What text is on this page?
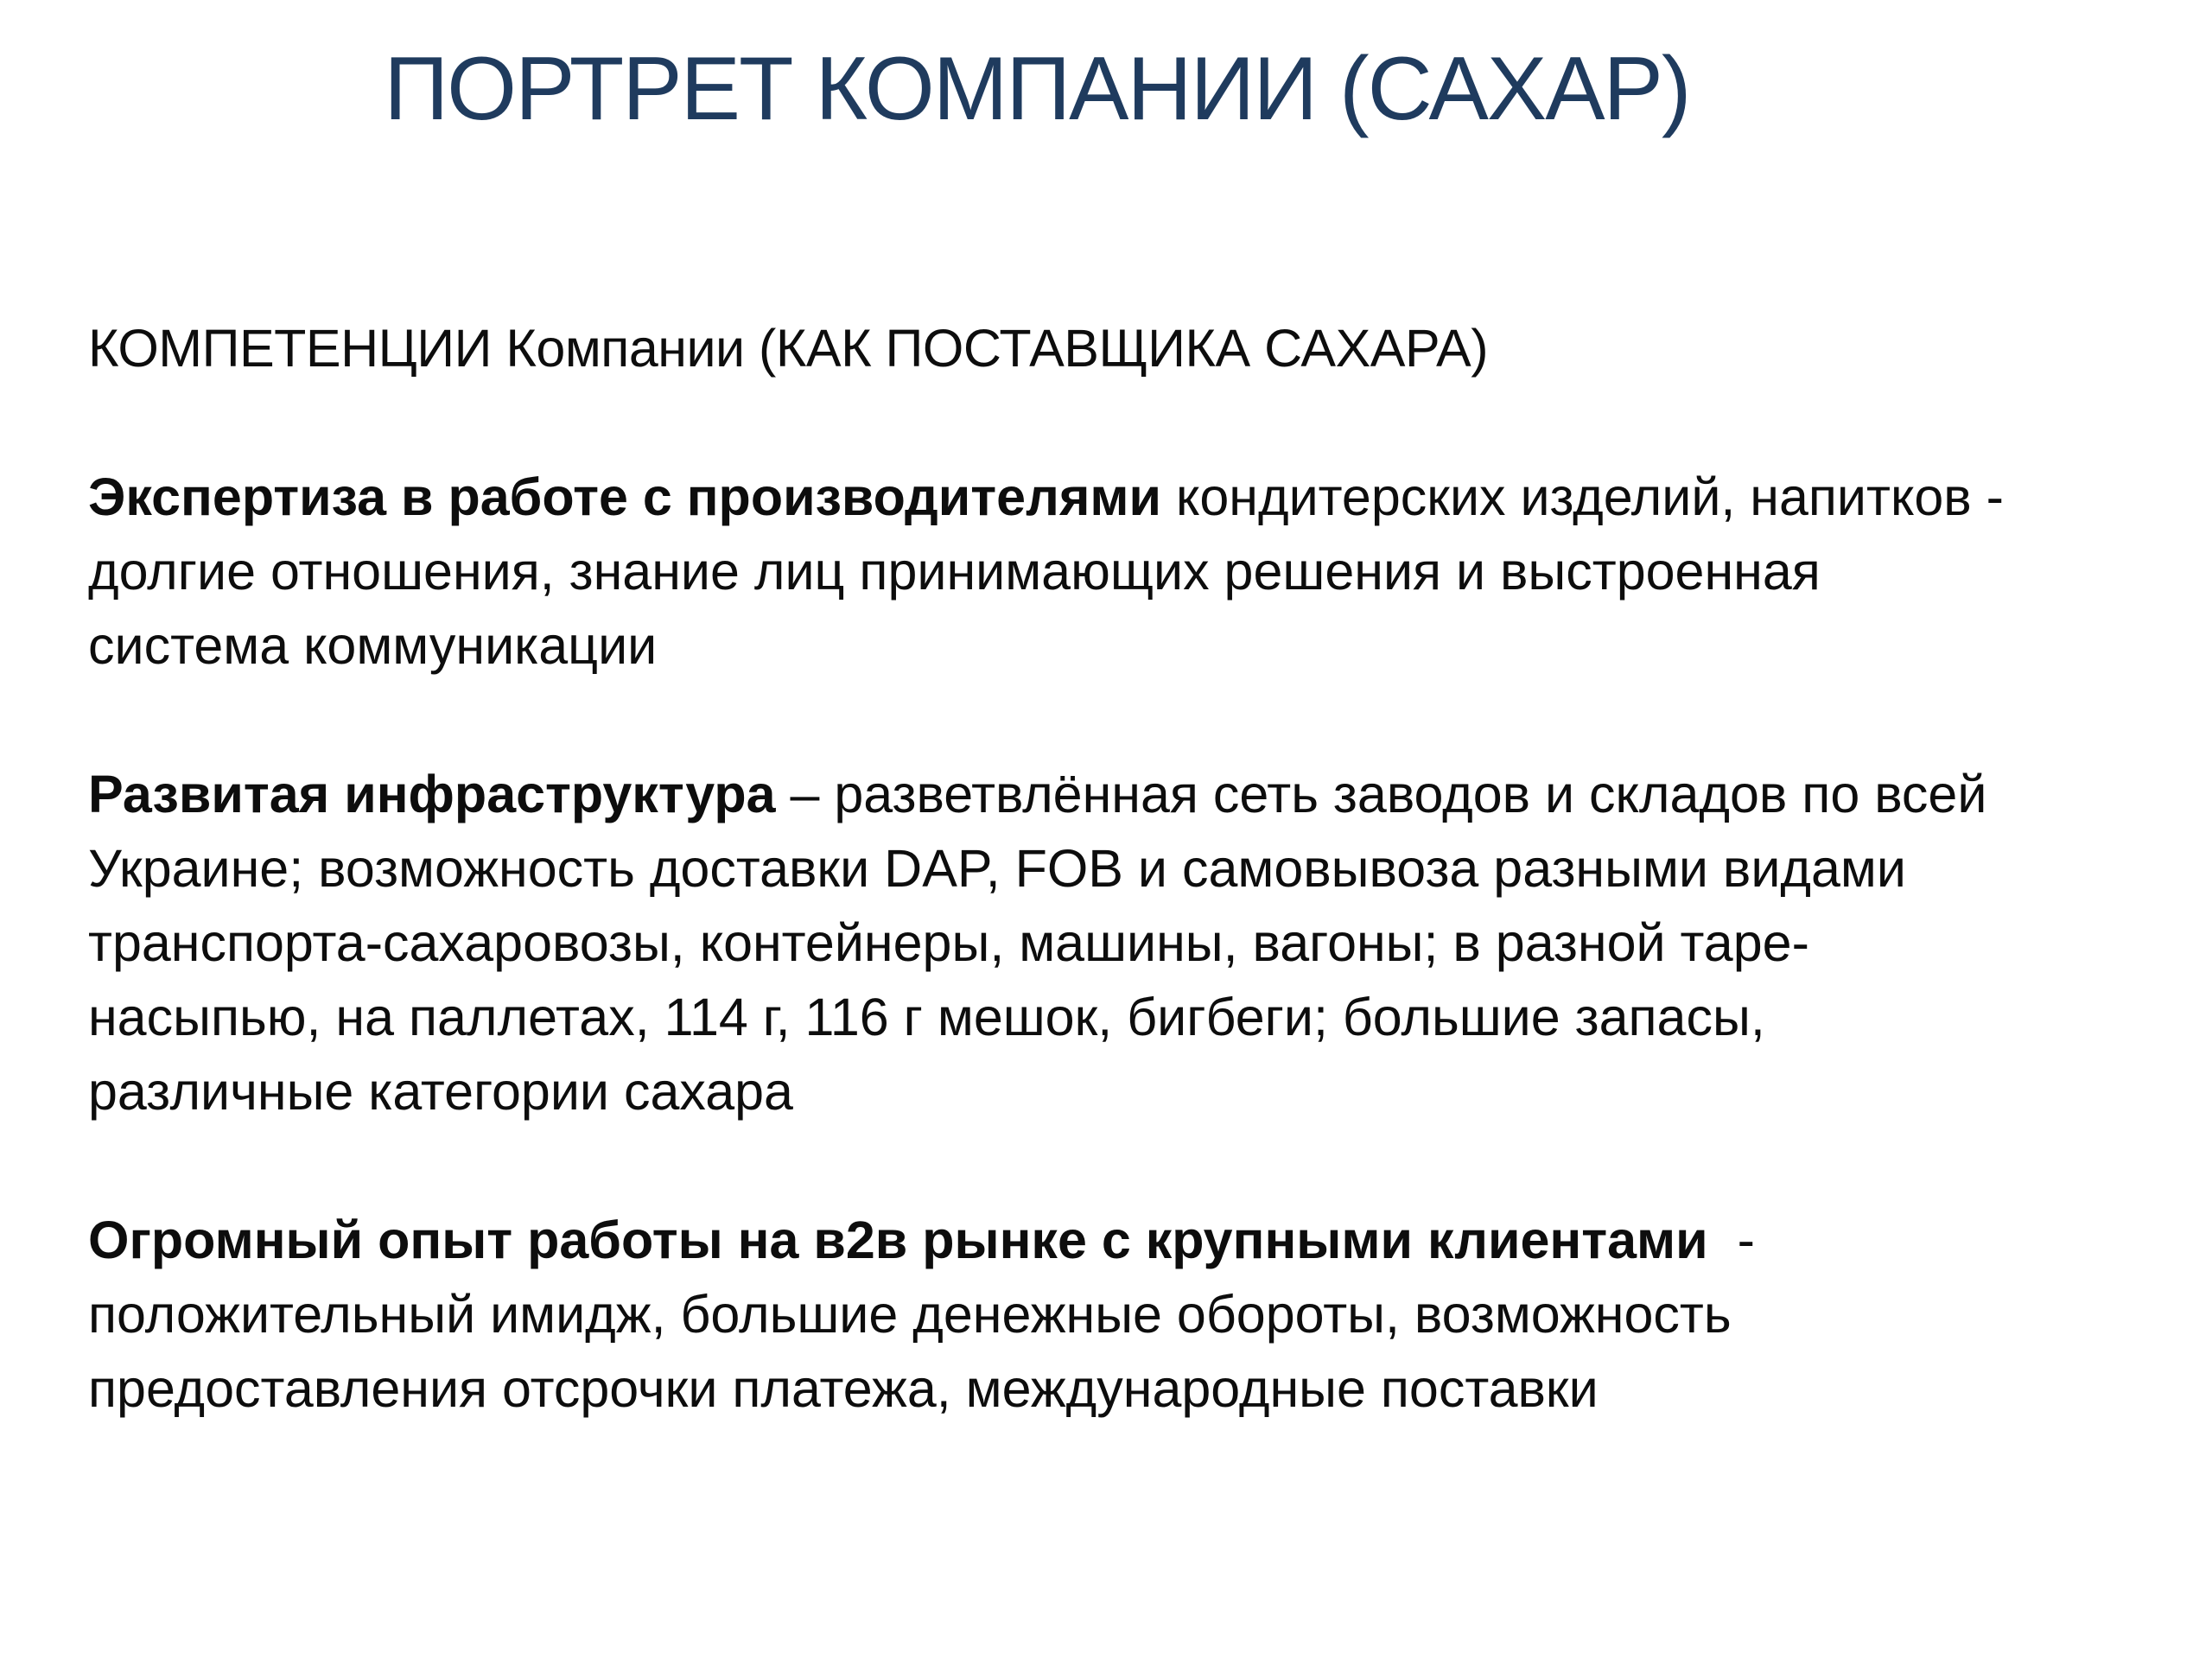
ПОРТРЕТ КОМПАНИИ (САХАР)

КОМПЕТЕНЦИИ Компании (КАК ПОСТАВЩИКА САХАРА)

Экспертиза в работе с производителями кондитерских изделий, напитков -
долгие отношения, знание лиц принимающих решения и выстроенная
система коммуникации

Развитая инфраструктура – разветвлённая сеть заводов и складов по всей
Украине; возможность доставки DAP, FOB и самовывоза разными видами
транспорта-сахаровозы, контейнеры, машины, вагоны; в разной таре-
насыпью, на паллетах, 114 г, 116 г мешок, бигбеги; большие запасы,
различные категории сахара

Огромный опыт работы на в2в рынке с крупными клиентами  -
положительный имидж, большие денежные обороты, возможность
предоставления отсрочки платежа, международные поставки
